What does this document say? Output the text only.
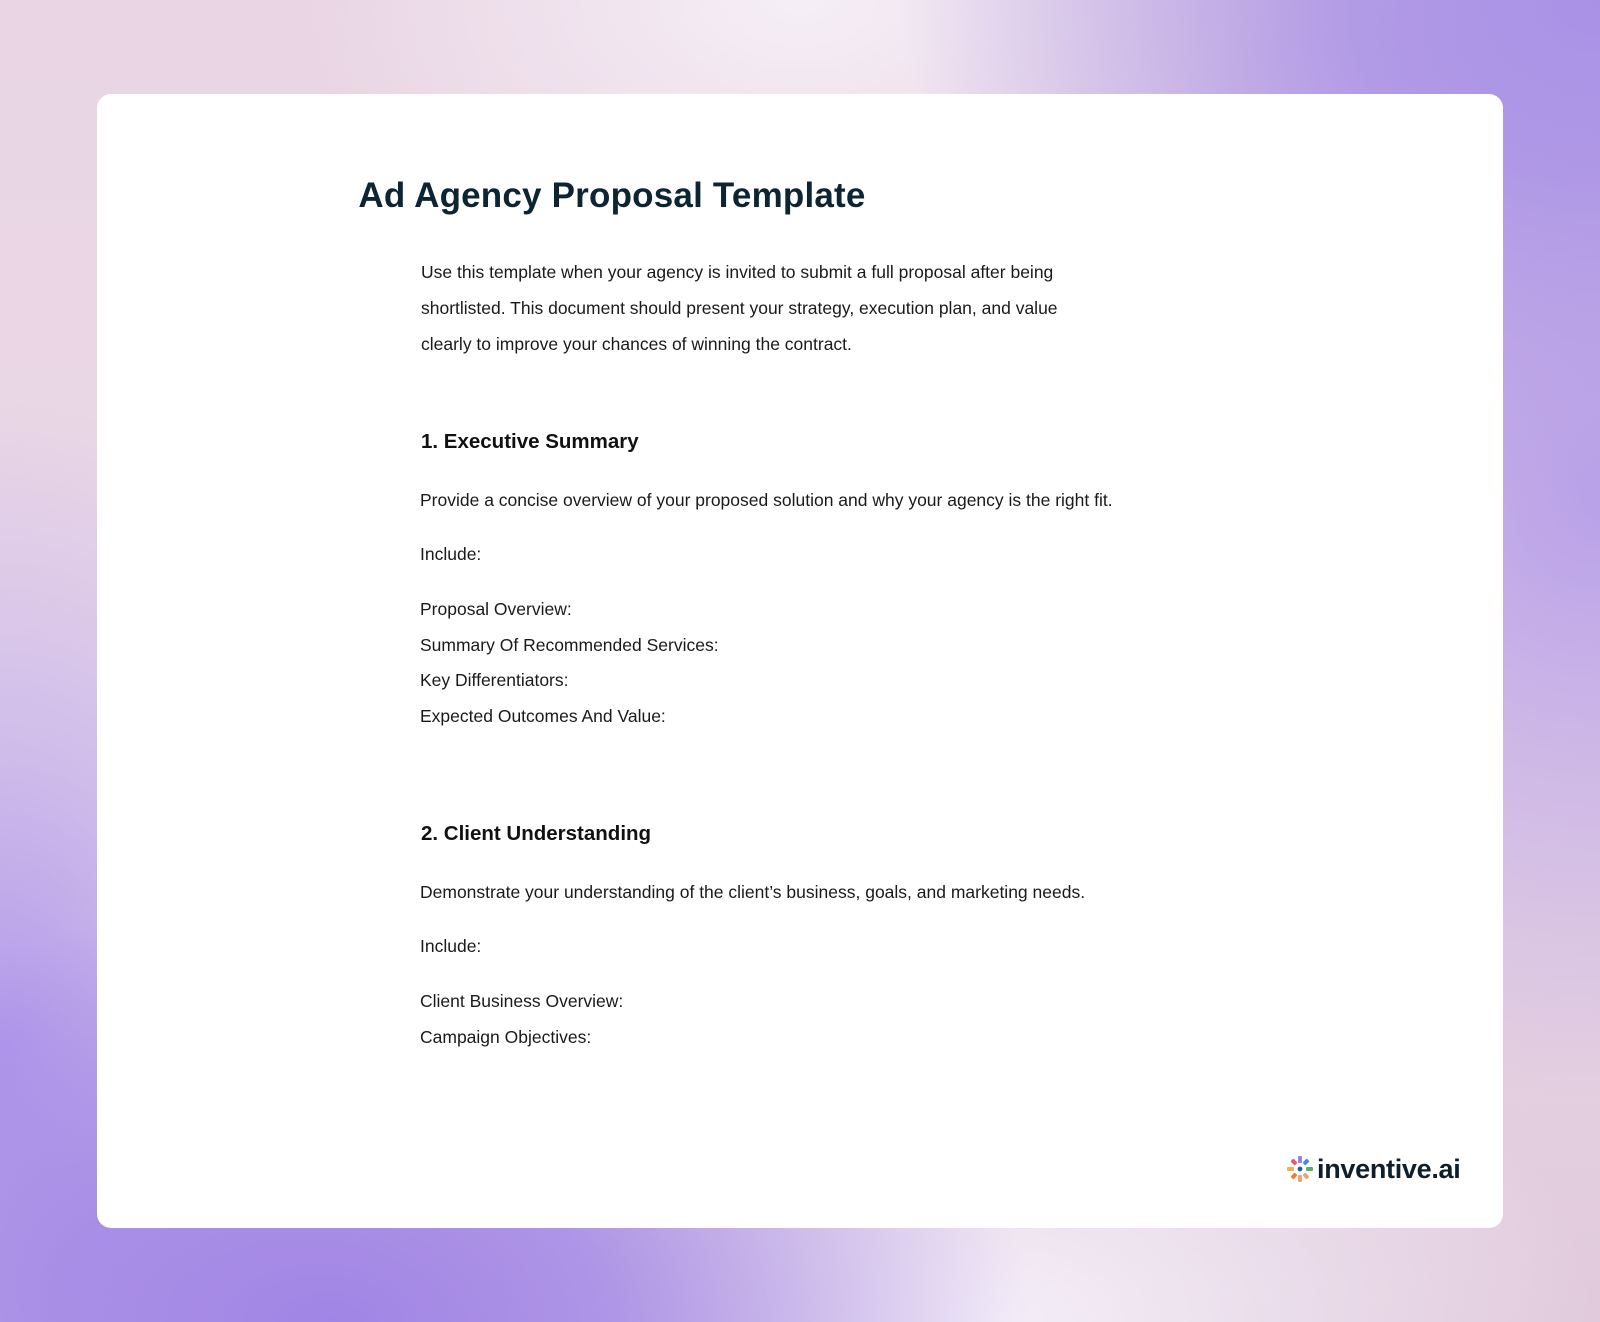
Ad Agency Proposal Template

Use this template when your agency is invited to submit a full proposal after being
shortlisted. This document should present your strategy, execution plan, and value
clearly to improve your chances of winning the contract.

1. Executive Summary

Provide a concise overview of your proposed solution and why your agency is the right fit.

Include:

Proposal Overview:
Summary Of Recommended Services:
Key Differentiators:
Expected Outcomes And Value:
2. Client Understanding

Demonstrate your understanding of the client’s business, goals, and marketing needs.

Include:

Client Business Overview:
Campaign Objectives:
inventive.ai
